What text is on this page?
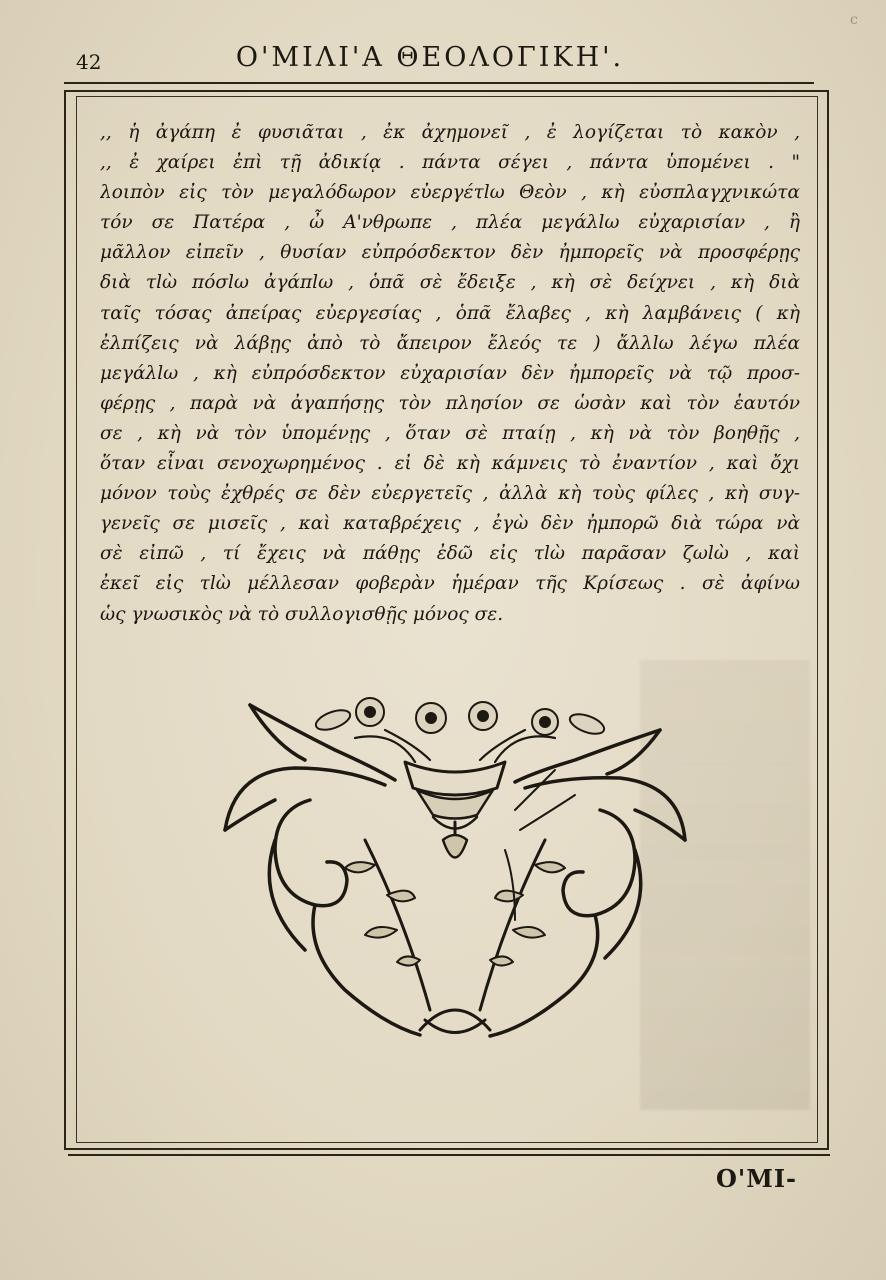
42	Ο'ΜΙΛΙ'Α ΘΕΟΛΟΓΙΚΗ'.
c
,, ἡ ἀγάπη ἐ φυσιᾶται , ἐκ ἀχημονεῖ , ἐ λογίζεται τὸ κακὸν ,
,, ἐ χαίρει ἐπὶ τῇ ἀδικίᾳ . πάντα σέγει , πάντα ὑπομένει . "
λοιπὸν εἰς τὸν μεγαλόδωρον εὐεργέτlω Θεὸν , κὴ εὐσπλαγχνικώτα
τόν σε Πατέρα , ὦ Α'νθρωπε , πλέα μεγάλlω εὐχαρισίαν , ἢ
μᾶλλον εἰπεῖν , θυσίαν εὐπρόσδεκτον δὲν ἠμπορεῖς νὰ προσφέρῃς
διὰ τlὼ πόσlω ἀγάπlω , ὁπᾶ σὲ ἔδειξε , κὴ σὲ δείχνει , κὴ διὰ
ταῖς τόσας ἀπείρας εὐεργεσίας , ὁπᾶ ἔλαβες , κὴ λαμβάνεις ( κὴ
ἐλπίζεις νὰ λάβῃς ἀπὸ τὸ ἄπειρον ἔλεός τε ) ἄλλlω λέγω πλέα
μεγάλlω , κὴ εὐπρόσδεκτον εὐχαρισίαν δὲν ἠμπορεῖς νὰ τῷ προσ-
φέρῃς , παρὰ νὰ ἀγαπήσῃς τὸν πλησίον σε ὡσὰν καὶ τὸν ἑαυτόν
σε , κὴ νὰ τὸν ὑπομένῃς , ὅταν σὲ πταίῃ , κὴ νὰ τὸν βοηθῇς ,
ὅταν εἶναι σενοχωρημένος . εἰ δὲ κὴ κάμνεις τὸ ἐναντίον , καὶ ὄχι
μόνον τοὺς ἐχθρές σε δὲν εὐεργετεῖς , ἀλλὰ κὴ τοὺς φίλες , κὴ συγ-
γενεῖς σε μισεῖς , καὶ καταβρέχεις , ἐγὼ δὲν ἠμπορῶ διὰ τώρα νὰ
σὲ εἰπῶ , τί ἔχεις νὰ πάθῃς ἐδῶ εἰς τlὼ παρᾶσαν ζωlὼ , καὶ
ἐκεῖ εἰς τlὼ μέλλεσαν φοβερὰν ἡμέραν τῆς Κρίσεως . σὲ ἀφίνω
ὡς γνωσικὸς νὰ τὸ συλλογισθῇς μόνος σε.
Ο'ΜΙ-
